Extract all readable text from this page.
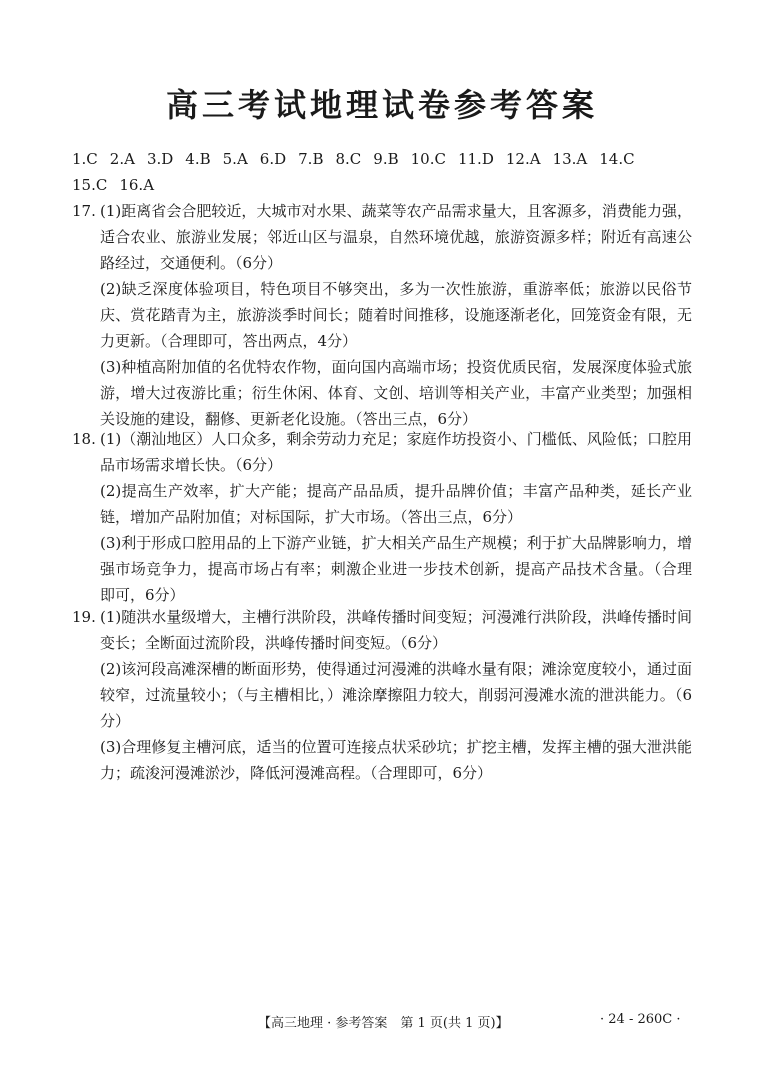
高三考试地理试卷参考答案
1.C 2.A 3.D 4.B 5.A 6.D 7.B 8.C 9.B 10.C 11.D 12.A 13.A 14.C
15.C 16.A
17. (1)距离省会合肥较近，大城市对水果、蔬菜等农产品需求量大，且客源多，消费能力强，适合农业、旅游业发展；邻近山区与温泉，自然环境优越，旅游资源多样；附近有高速公路经过，交通便利。（6分）
(2)缺乏深度体验项目，特色项目不够突出，多为一次性旅游，重游率低；旅游以民俗节庆、赏花踏青为主，旅游淡季时间长；随着时间推移，设施逐渐老化，回笼资金有限，无力更新。（合理即可，答出两点，4分）
(3)种植高附加值的名优特农作物，面向国内高端市场；投资优质民宿，发展深度体验式旅游，增大过夜游比重；衍生休闲、体育、文创、培训等相关产业，丰富产业类型；加强相关设施的建设，翻修、更新老化设施。（答出三点，6分）
18. (1)（潮汕地区）人口众多，剩余劳动力充足；家庭作坊投资小、门槛低、风险低；口腔用品市场需求增长快。（6分）
(2)提高生产效率，扩大产能；提高产品品质，提升品牌价值；丰富产品种类，延长产业链，增加产品附加值；对标国际，扩大市场。（答出三点，6分）
(3)利于形成口腔用品的上下游产业链，扩大相关产品生产规模；利于扩大品牌影响力，增强市场竞争力，提高市场占有率；刺激企业进一步技术创新，提高产品技术含量。（合理即可，6分）
19. (1)随洪水量级增大，主槽行洪阶段，洪峰传播时间变短；河漫滩行洪阶段，洪峰传播时间变长；全断面过流阶段，洪峰传播时间变短。（6分）
(2)该河段高滩深槽的断面形势，使得通过河漫滩的洪峰水量有限；滩涂宽度较小，通过面较窄，过流量较小；（与主槽相比，）滩涂摩擦阻力较大，削弱河漫滩水流的泄洪能力。（6分）
(3)合理修复主槽河底，适当的位置可连接点状采砂坑；扩挖主槽，发挥主槽的强大泄洪能力；疏浚河漫滩淤沙，降低河漫滩高程。（合理即可，6分）
【高三地理 · 参考答案　第 1 页(共 1 页)】	· 24 - 260C ·
